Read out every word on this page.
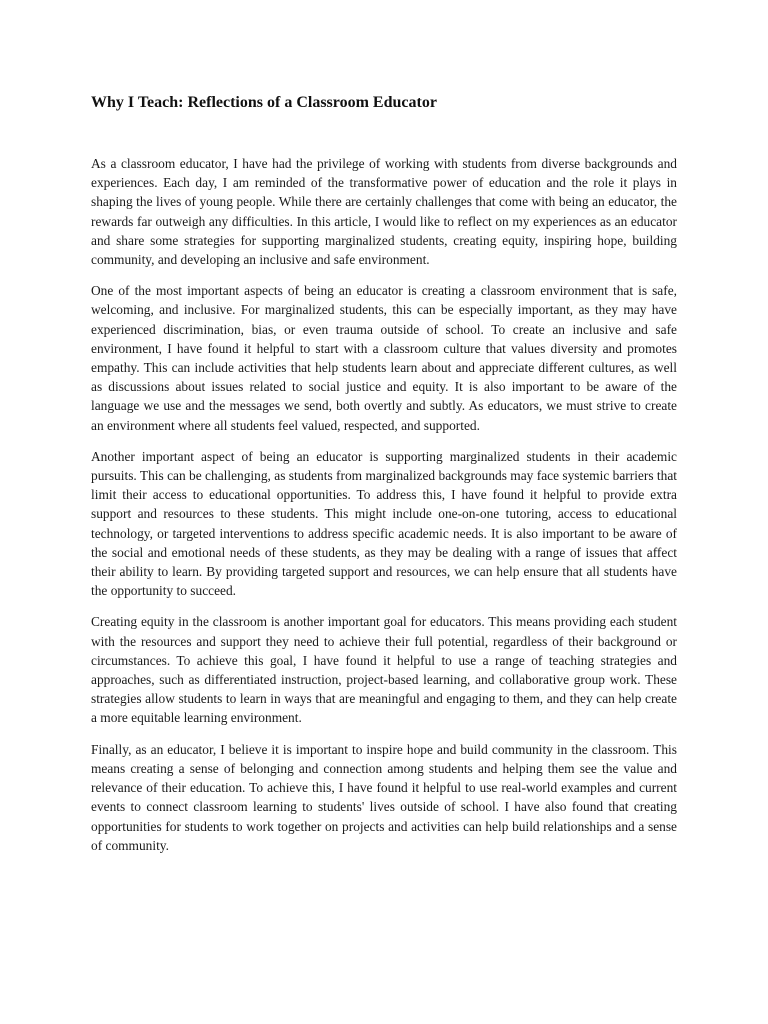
Why I Teach: Reflections of a Classroom Educator

As a classroom educator, I have had the privilege of working with students from diverse backgrounds and experiences. Each day, I am reminded of the transformative power of education and the role it plays in shaping the lives of young people. While there are certainly challenges that come with being an educator, the rewards far outweigh any difficulties. In this article, I would like to reflect on my experiences as an educator and share some strategies for supporting marginalized students, creating equity, inspiring hope, building community, and developing an inclusive and safe environment.

One of the most important aspects of being an educator is creating a classroom environment that is safe, welcoming, and inclusive. For marginalized students, this can be especially important, as they may have experienced discrimination, bias, or even trauma outside of school. To create an inclusive and safe environment, I have found it helpful to start with a classroom culture that values diversity and promotes empathy. This can include activities that help students learn about and appreciate different cultures, as well as discussions about issues related to social justice and equity. It is also important to be aware of the language we use and the messages we send, both overtly and subtly. As educators, we must strive to create an environment where all students feel valued, respected, and supported.

Another important aspect of being an educator is supporting marginalized students in their academic pursuits. This can be challenging, as students from marginalized backgrounds may face systemic barriers that limit their access to educational opportunities. To address this, I have found it helpful to provide extra support and resources to these students. This might include one-on-one tutoring, access to educational technology, or targeted interventions to address specific academic needs. It is also important to be aware of the social and emotional needs of these students, as they may be dealing with a range of issues that affect their ability to learn. By providing targeted support and resources, we can help ensure that all students have the opportunity to succeed.

Creating equity in the classroom is another important goal for educators. This means providing each student with the resources and support they need to achieve their full potential, regardless of their background or circumstances. To achieve this goal, I have found it helpful to use a range of teaching strategies and approaches, such as differentiated instruction, project-based learning, and collaborative group work. These strategies allow students to learn in ways that are meaningful and engaging to them, and they can help create a more equitable learning environment.

Finally, as an educator, I believe it is important to inspire hope and build community in the classroom. This means creating a sense of belonging and connection among students and helping them see the value and relevance of their education. To achieve this, I have found it helpful to use real-world examples and current events to connect classroom learning to students' lives outside of school. I have also found that creating opportunities for students to work together on projects and activities can help build relationships and a sense of community.
